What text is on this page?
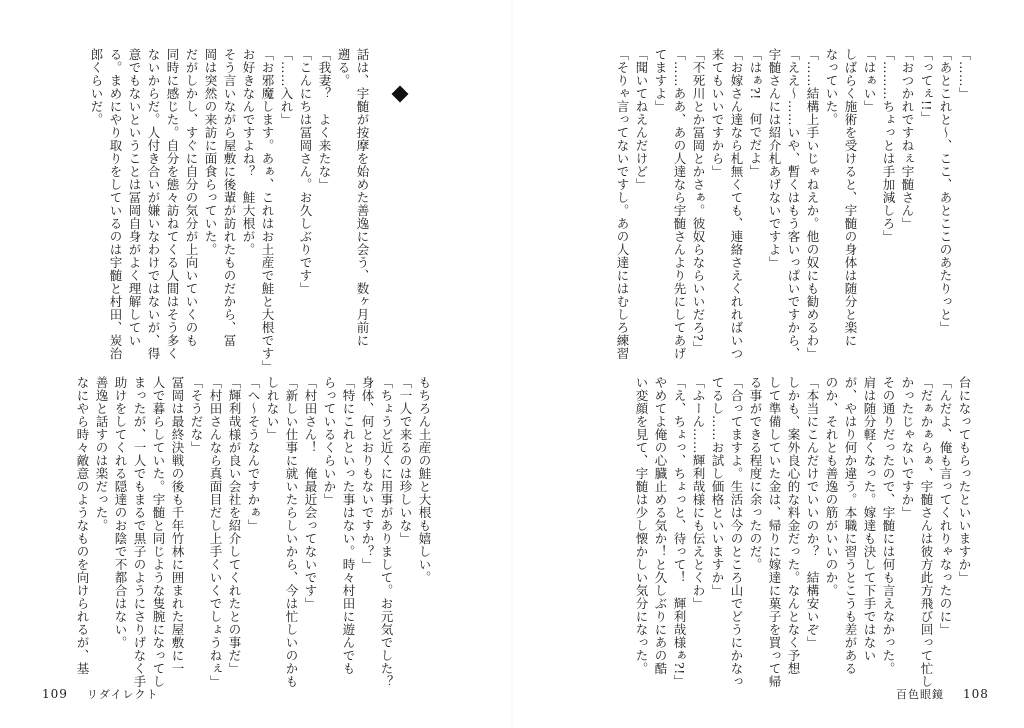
話は、宇髄が按摩を始めた善逸に会う、数ヶ月前に

遡る。

「我妻？　よく来たな」

「こんにちは冨岡さん。お久しぶりです」

「……入れ」

「お邪魔します。あぁ、これはお土産で鮭と大根です」

お好きなんですよね？　鮭大根が。

そう言いながら屋敷に後輩が訪れたものだから、冨

岡は突然の来訪に面食らっていた。

だがしかし、すぐに自分の気分が上向いていくのも

同時に感じた。自分を態々訪ねてくる人間はそう多く

ないからだ。人付き合いが嫌いなわけではないが、得

意でもないということは冨岡自身がよく理解してい

る。まめにやり取りをしているのは宇髄と村田、炭治

郎くらいだ。

もちろん土産の鮭と大根も嬉しい。

「一人で来るのは珍しいな」

「ちょうど近くに用事がありまして。お元気でした？

身体、何とおりもないですか？」

「特にこれといった事はない。時々村田に遊んでも

らっているくらいか」

「村田さん！　俺最近会ってないです」

「新しい仕事に就いたらしいから、今は忙しいのかも

しれない」

「へ〜そうなんですかぁ」

「輝利哉様が良い会社を紹介してくれたとの事だ」

「村田さんなら真面目だし上手くいくでしょうねぇ」

「そうだな」

冨岡は最終決戦の後も千年竹林に囲まれた屋敷に一

人で暮らしていた。宇髄と同じような隻腕になってし

まったが、一人でもまるで黒子のようにさりげなく手

助けをしてくれる隠達のお陰で不都合はない。

善逸と話すのは楽だった。

なにやら時々敵意のようなものを向けられるが、基

109 リダイレクト

「……」

「あとこれと〜、ここ、あとここのあたりっと」

「ってぇ!!」

「おつかれですねぇ宇髄さん」

「………ちょっとは手加減しろ」

「はぁい」

しばらく施術を受けると、宇髄の身体は随分と楽に

なっていた。

「……結構上手いじゃねえか。他の奴にも勧めるわ」

「ええ〜……いや、暫くはもう客いっぱいですから、

宇髄さんには紹介札あげないですよ」

「はぁ?!　何でだよ」

「お嫁さん達なら札無くても、連絡さえくれればいつ

来てもいいですから」

「不死川とか冨岡とかさぁ。彼奴らならいいだろ?」

「……ああ、あの人達なら宇髄さんより先にしてあげ

てますよ」

「聞いてねえんだけど」

「そりゃ言ってないですし。あの人達にはむしろ練習

台になってもらったといいますか」

「んだよ、俺も言ってくれりゃなったのに」

「だぁかぁらぁ、宇髄さんは彼方此方飛び回って忙し

かったじゃないですか」

その通りだったので、宇髄には何も言えなかった。

肩は随分軽くなった。嫁達も決して下手ではない

が、やはり何か違う。本職に習うとこうも差がある

のか、それとも善逸の筋がいいのか。

「本当にこんだけでいいのか？　結構安いぞ」

しかも、案外良心的な料金だった。なんとなく予想

して準備していた金は、帰りに嫁達に菓子を買って帰

る事ができる程度に余ったのだ。

「合ってますよ。生活は今のところ山でどうにかなっ

てるし……お試し価格といいますか」

「ふーん……輝利哉様にも伝えとくわ」

「え、ちょっ、ちょっと、待って！　輝利哉様ぁ?!」

やめてよ俺の心臓止める気か！と久しぶりにあの酷

い変顔を見て、宇髄は少し懐かしい気分になった。

百色眼鏡 108
